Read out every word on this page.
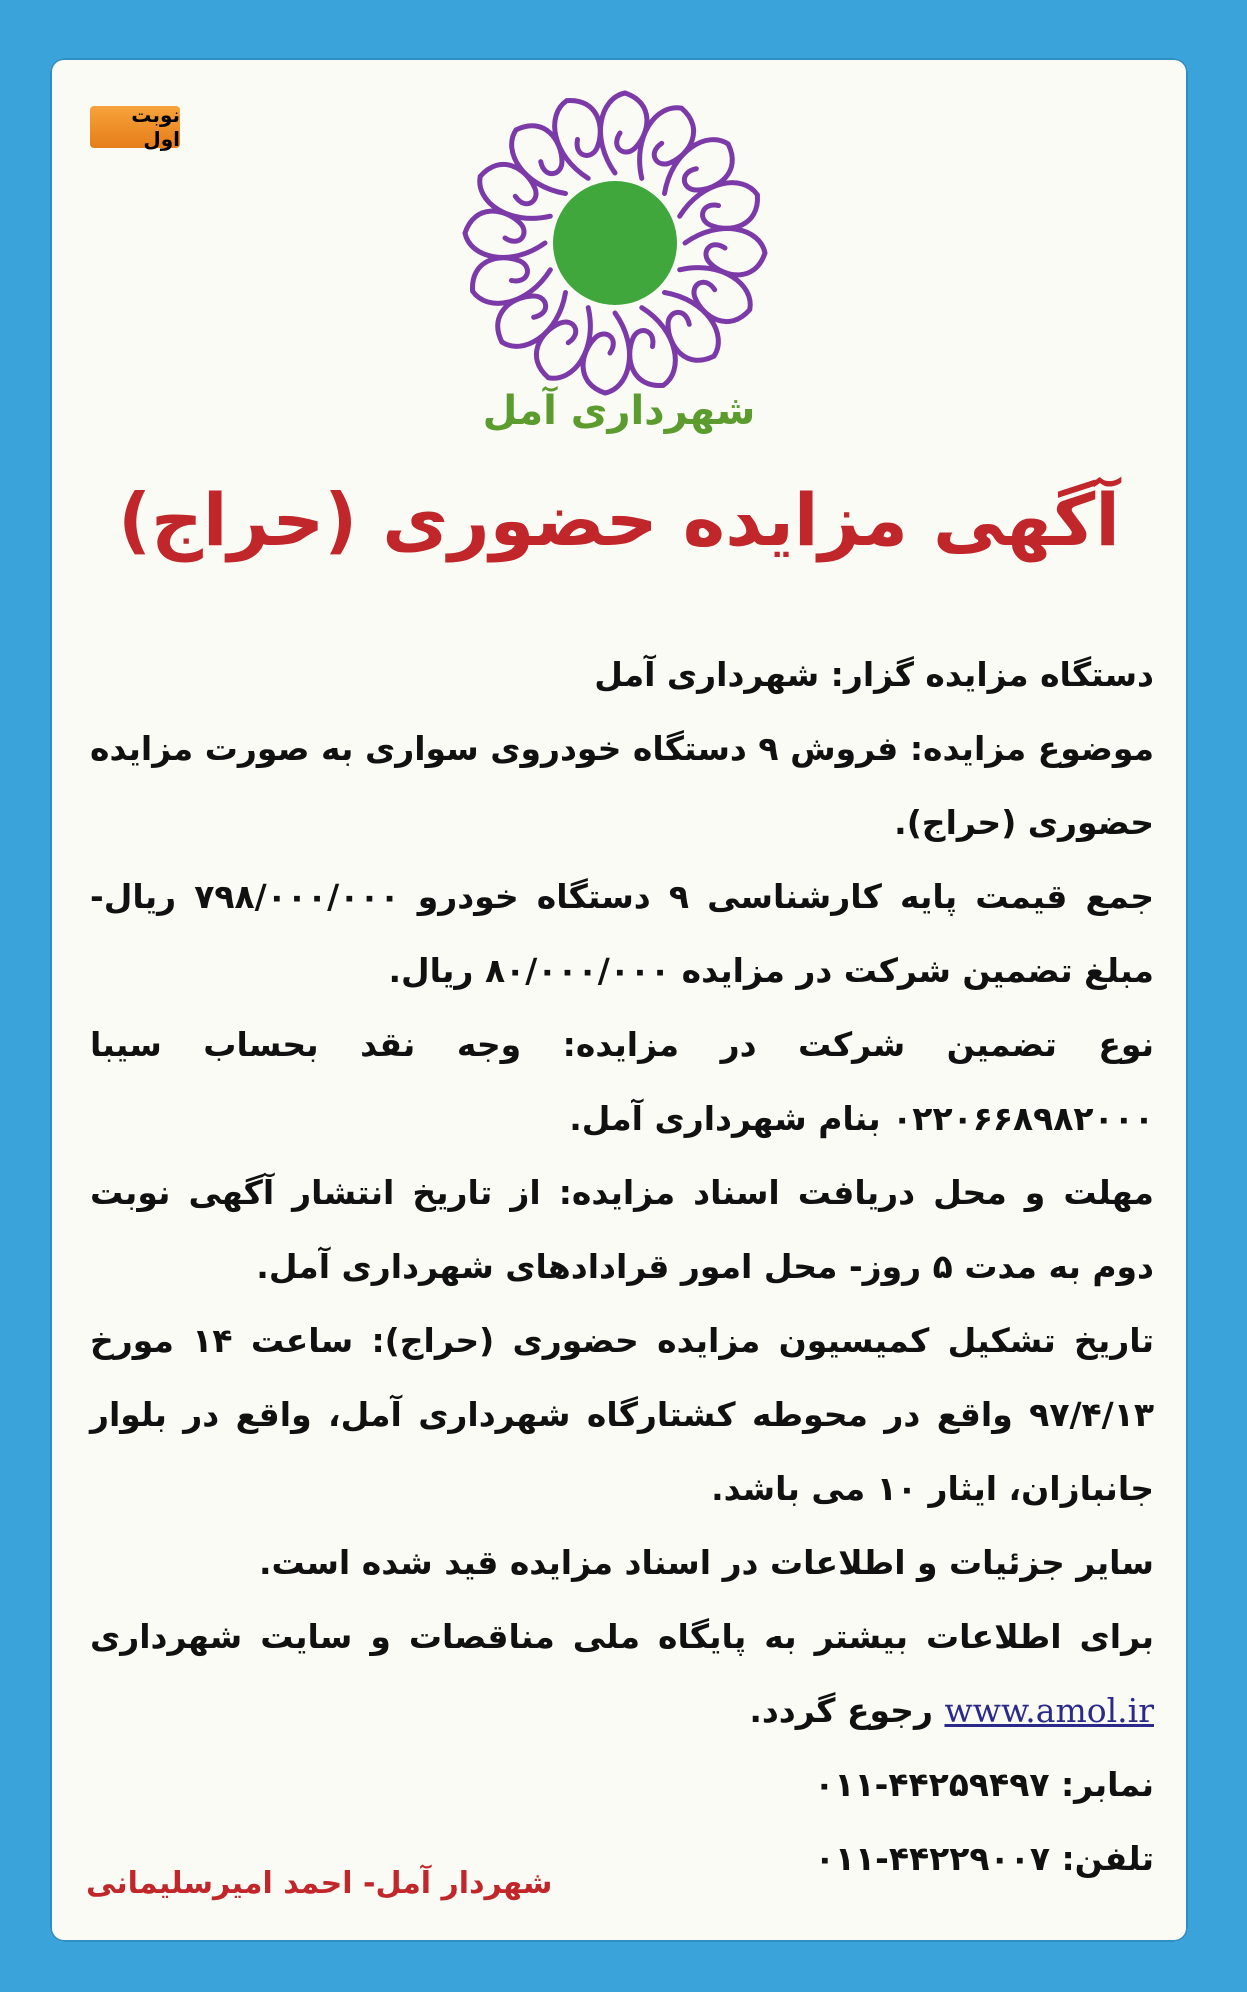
نوبت اول
شهرداری آمل
آگهی مزایده حضوری (حراج)

دستگاه مزایده گزار: شهرداری آمل

موضوع مزایده: فروش ۹ دستگاه خودروی سواری به صورت مزایده حضوری (حراج).

جمع قیمت پایه کارشناسی ۹ دستگاه خودرو ۷۹۸/۰۰۰/۰۰۰ ریال- مبلغ تضمین شرکت در مزایده ۸۰/۰۰۰/۰۰۰ ریال.

نوع تضمین شرکت در مزایده: وجه نقد بحساب سیبا ۰۲۲۰۶۶۸۹۸۲۰۰۰ بنام شهرداری آمل.

مهلت و محل دریافت اسناد مزایده: از تاریخ انتشار آگهی نوبت دوم به مدت ۵ روز- محل امور قرادادهای شهرداری آمل.

تاریخ تشکیل کمیسیون مزایده حضوری (حراج): ساعت ۱۴ مورخ ۹۷/۴/۱۳ واقع در محوطه کشتارگاه شهرداری آمل، واقع در بلوار جانبازان، ایثار ۱۰ می باشد.

سایر جزئیات و اطلاعات در اسناد مزایده قید شده است.

برای اطلاعات بیشتر به پایگاه ملی مناقصات و سایت شهرداری www.amol.ir رجوع گردد.

نمابر: ۴۴۲۵۹۴۹۷-۰۱۱

تلفن: ۴۴۲۲۹۰۰۷-۰۱۱

شهردار آمل- احمد امیرسلیمانی
